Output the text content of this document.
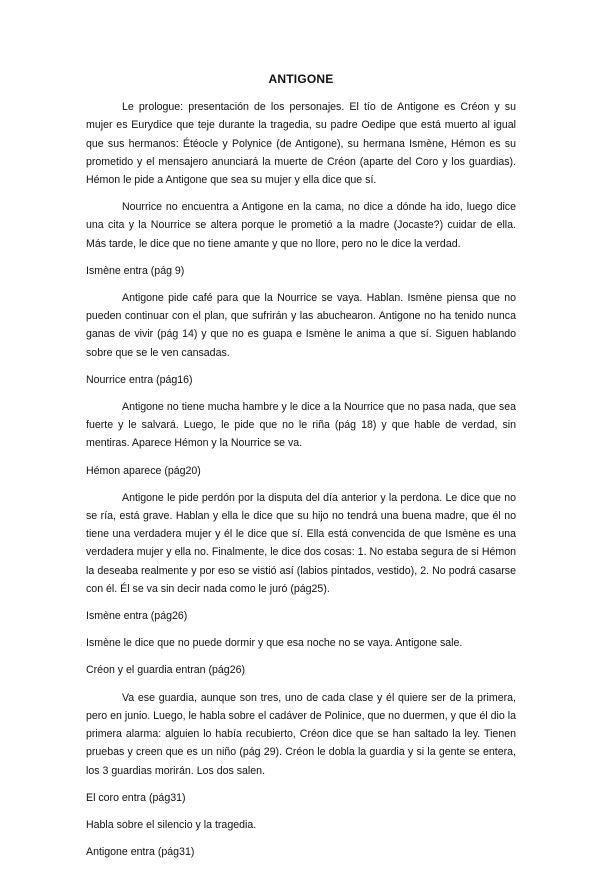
ANTIGONE

Le prologue: presentación de los personajes. El tío de Antigone es Créon y su mujer es Eurydice que teje durante la tragedia, su padre Oedipe que está muerto al igual que sus hermanos: Étéocle y Polynice (de Antigone), su hermana Ismène, Hémon es su prometido y el mensajero anunciará la muerte de Créon (aparte del Coro y los guardias). Hémon le pide a Antigone que sea su mujer y ella dice que sí.

Nourrice no encuentra a Antigone en la cama, no dice a dónde ha ido, luego dice una cita y la Nourrice se altera porque le prometió a la madre (Jocaste?) cuidar de ella. Más tarde, le dice que no tiene amante y que no llore, pero no le dice la verdad.

Ismène entra (pág 9)

Antigone pide café para que la Nourrice se vaya. Hablan. Ismène piensa que no pueden continuar con el plan, que sufrirán y las abuchearon. Antigone no ha tenido nunca ganas de vivir (pág 14) y que no es guapa e Ismène le anima a que sí. Siguen hablando sobre que se le ven cansadas.

Nourrice entra (pág16)

Antigone no tiene mucha hambre y le dice a la Nourrice que no pasa nada, que sea fuerte y le salvará. Luego, le pide que no le riña (pág 18) y que hable de verdad, sin mentiras. Aparece Hémon y la Nourrice se va.

Hémon aparece (pág20)

Antigone le pide perdón por la disputa del día anterior y la perdona. Le dice que no se ría, está grave. Hablan y ella le dice que su hijo no tendrá una buena madre, que él no tiene una verdadera mujer y él le dice que sí. Ella está convencida de que Ismène es una verdadera mujer y ella no. Finalmente, le dice dos cosas: 1. No estaba segura de si Hémon la deseaba realmente y por eso se vistió así (labios pintados, vestido), 2. No podrá casarse con él. Él se va sin decir nada como le juró (pág25).

Ismène entra (pág26)

Ismène le dice que no puede dormir y que esa noche no se vaya. Antigone sale.

Créon y el guardia entran (pág26)

Va ese guardia, aunque son tres, uno de cada clase y él quiere ser de la primera, pero en junio. Luego, le habla sobre el cadáver de Polinice, que no duermen, y que él dio la primera alarma: alguien lo había recubierto, Créon dice que se han saltado la ley. Tienen pruebas y creen que es un niño (pág 29). Créon le dobla la guardia y si la gente se entera, los 3 guardias morirán. Los dos salen.

El coro entra (pág31)

Habla sobre el silencio y la tragedia.

Antigone entra (pág31)
